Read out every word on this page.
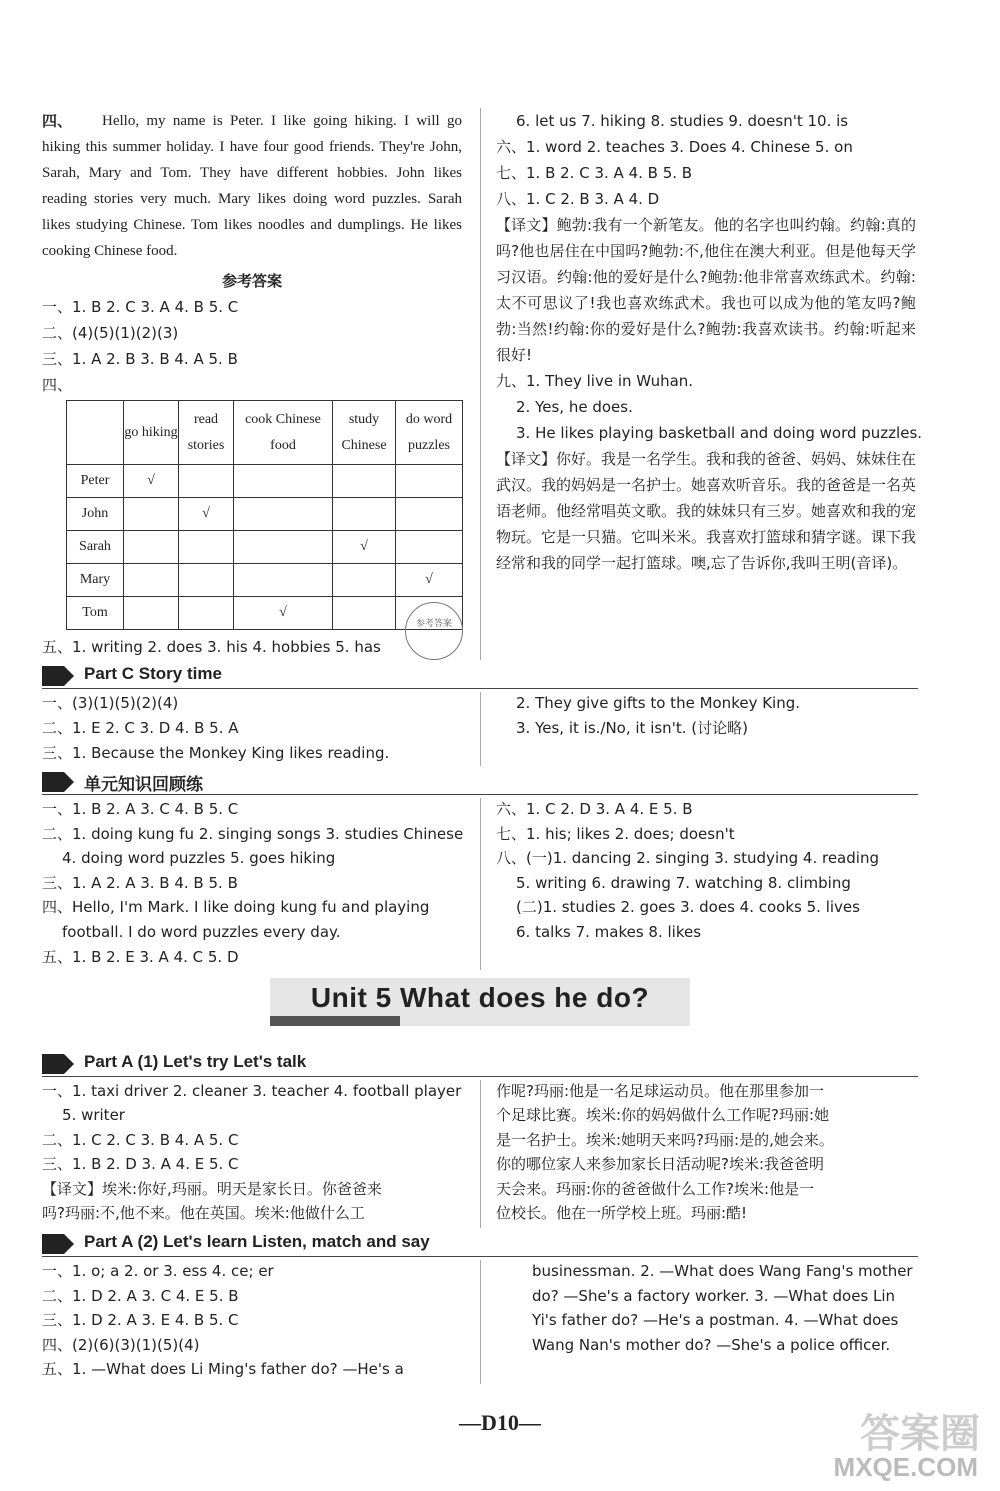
四、	Hello, my name is Peter. I like going hiking. I will go hiking this summer holiday. I have four good friends. They're John, Sarah, Mary and Tom. They have different hobbies. John likes reading stories very much. Mary likes doing word puzzles. Sarah likes studying Chinese. Tom likes noodles and dumplings. He likes cooking Chinese food.
参考答案
一、1. B 2. C 3. A 4. B 5. C
二、(4)(5)(1)(2)(3)
三、1. A 2. B 3. B 4. A 5. B
四、
	go hiking	read stories	cook Chinese food	study Chinese	do word puzzles
Peter	√				
John		√			
Sarah				√	
Mary					√
Tom			√		
参考答案
五、1. writing 2. does 3. his 4. hobbies 5. has
6. let us 7. hiking 8. studies 9. doesn't 10. is
六、1. word 2. teaches 3. Does 4. Chinese 5. on
七、1. B 2. C 3. A 4. B 5. B
八、1. C 2. B 3. A 4. D
【译文】鲍勃:我有一个新笔友。他的名字也叫约翰。约翰:真的吗?他也居住在中国吗?鲍勃:不,他住在澳大利亚。但是他每天学习汉语。约翰:他的爱好是什么?鲍勃:他非常喜欢练武术。约翰:太不可思议了!我也喜欢练武术。我也可以成为他的笔友吗?鲍勃:当然!约翰:你的爱好是什么?鲍勃:我喜欢读书。约翰:听起来很好!
九、1. They live in Wuhan.
2. Yes, he does.
3. He likes playing basketball and doing word puzzles.
【译文】你好。我是一名学生。我和我的爸爸、妈妈、妹妹住在武汉。我的妈妈是一名护士。她喜欢听音乐。我的爸爸是一名英语老师。他经常唱英文歌。我的妹妹只有三岁。她喜欢和我的宠物玩。它是一只猫。它叫米米。我喜欢打篮球和猜字谜。课下我经常和我的同学一起打篮球。噢,忘了告诉你,我叫王明(音译)。
Part C Story time
一、(3)(1)(5)(2)(4)
二、1. E 2. C 3. D 4. B 5. A
三、1. Because the Monkey King likes reading.
2. They give gifts to the Monkey King.
3. Yes, it is./No, it isn't. (讨论略)
单元知识回顾练
一、1. B 2. A 3. C 4. B 5. C
二、1. doing kung fu 2. singing songs 3. studies Chinese
4. doing word puzzles 5. goes hiking
三、1. A 2. A 3. B 4. B 5. B
四、Hello, I'm Mark. I like doing kung fu and playing
football. I do word puzzles every day.
五、1. B 2. E 3. A 4. C 5. D
六、1. C 2. D 3. A 4. E 5. B
七、1. his; likes 2. does; doesn't
八、(一)1. dancing 2. singing 3. studying 4. reading
5. writing 6. drawing 7. watching 8. climbing
(二)1. studies 2. goes 3. does 4. cooks 5. lives
6. talks 7. makes 8. likes
Unit 5 What does he do?
Part A (1) Let's try Let's talk
一、1. taxi driver 2. cleaner 3. teacher 4. football player
5. writer
二、1. C 2. C 3. B 4. A 5. C
三、1. B 2. D 3. A 4. E 5. C
【译文】埃米:你好,玛丽。明天是家长日。你爸爸来
吗?玛丽:不,他不来。他在英国。埃米:他做什么工
作呢?玛丽:他是一名足球运动员。他在那里参加一
个足球比赛。埃米:你的妈妈做什么工作呢?玛丽:她
是一名护士。埃米:她明天来吗?玛丽:是的,她会来。
你的哪位家人来参加家长日活动呢?埃米:我爸爸明
天会来。玛丽:你的爸爸做什么工作?埃米:他是一
位校长。他在一所学校上班。玛丽:酷!
Part A (2) Let's learn Listen, match and say
一、1. o; a 2. or 3. ess 4. ce; er
二、1. D 2. A 3. C 4. E 5. B
三、1. D 2. A 3. E 4. B 5. C
四、(2)(6)(3)(1)(5)(4)
五、1. —What does Li Ming's father do? —He's a
businessman. 2. —What does Wang Fang's mother
do? —She's a factory worker. 3. —What does Lin
Yi's father do? —He's a postman. 4. —What does
Wang Nan's mother do? —She's a police officer.
—D10—	答案圈
MXQE.COM
